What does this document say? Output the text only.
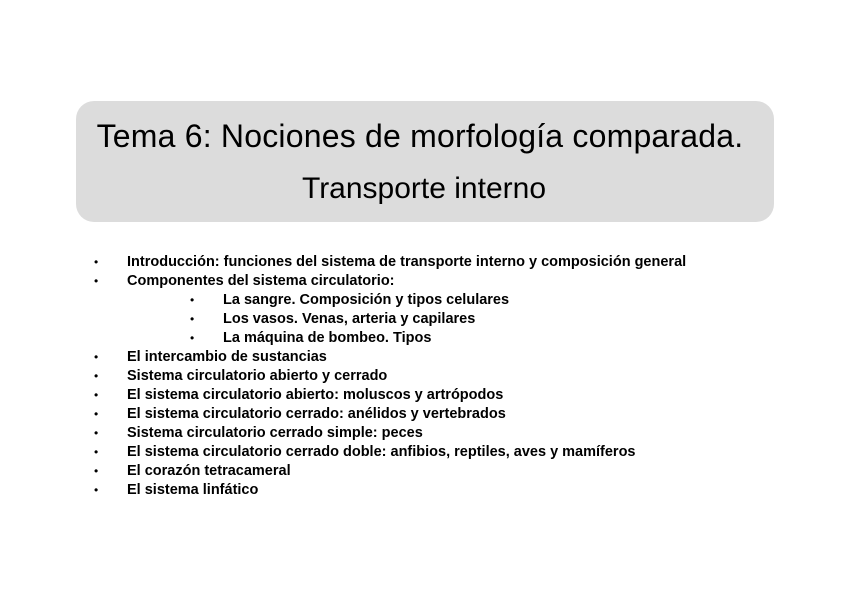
Tema 6: Nociones de morfología comparada.
Transporte interno
• Introducción: funciones del sistema de transporte interno y composición general
• Componentes del sistema circulatorio:
• La sangre. Composición y tipos celulares
• Los vasos. Venas, arteria y capilares
• La máquina de bombeo. Tipos
• El intercambio de sustancias
• Sistema circulatorio abierto y cerrado
• El sistema circulatorio abierto: moluscos y artrópodos
• El sistema circulatorio cerrado: anélidos y vertebrados
• Sistema circulatorio cerrado simple: peces
• El sistema circulatorio cerrado doble: anfibios, reptiles, aves y mamíferos
• El corazón tetracameral
• El sistema linfático
